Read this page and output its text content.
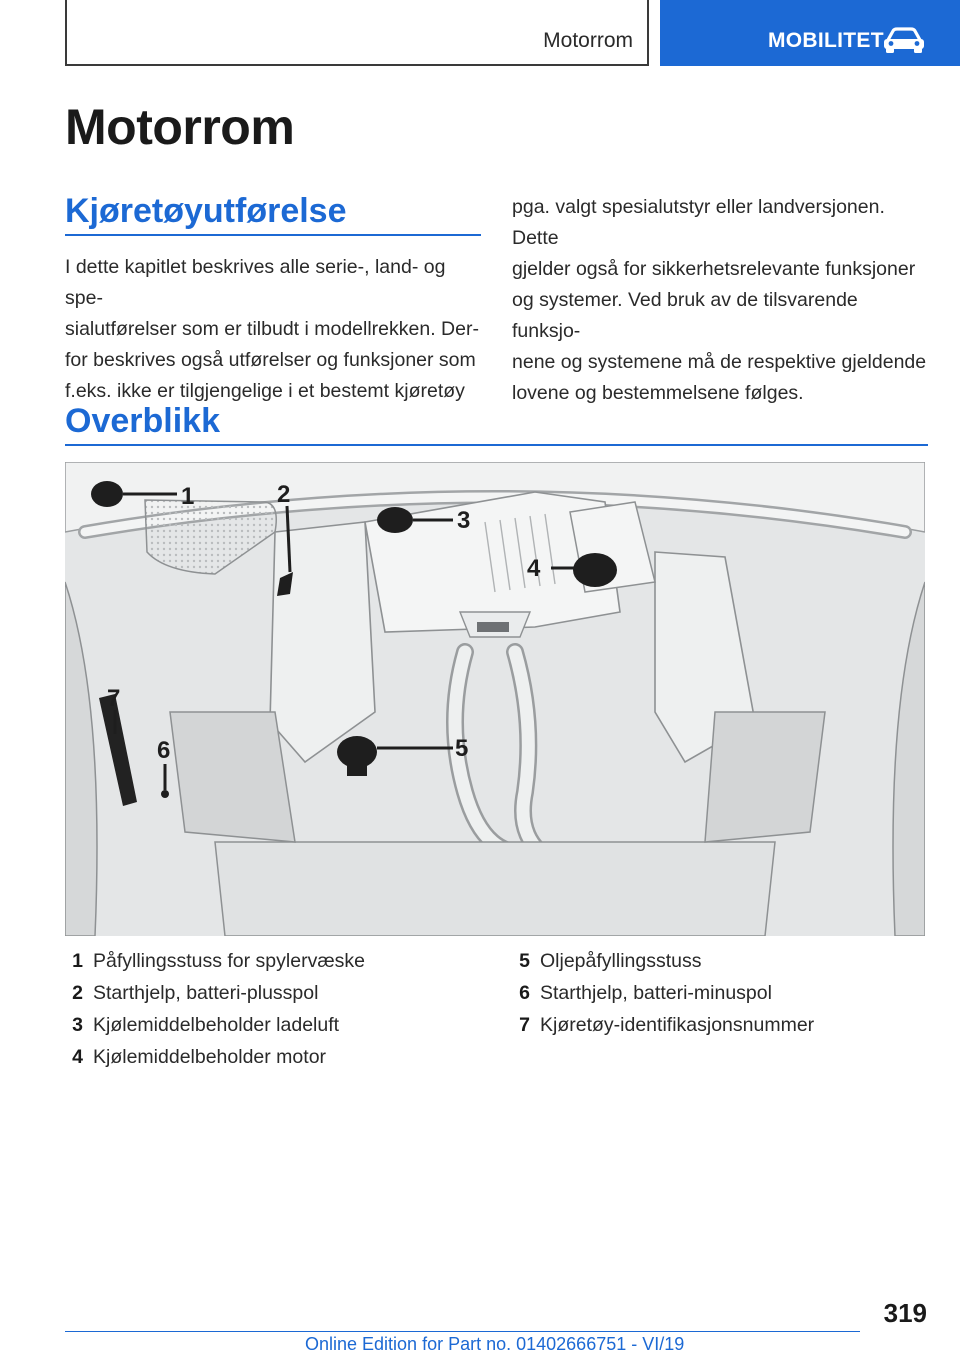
Motorrom	MOBILITET
Motorrom
Kjøretøyutførelse
I dette kapitlet beskrives alle serie-, land- og spe-
sialutførelser som er tilbudt i modellrekken. Der-
for beskrives også utførelser og funksjoner som
f.eks. ikke er tilgjengelige i et bestemt kjøretøy
pga. valgt spesialutstyr eller landversjonen. Dette
gjelder også for sikkerhetsrelevante funksjoner
og systemer. Ved bruk av de tilsvarende funksjo-
nene og systemene må de respektive gjeldende
lovene og bestemmelsene følges.
Overblikk
1	2
3
4
5
6
7
1 Påfyllingsstuss for spylervæske
2 Starthjelp, batteri-plusspol
3 Kjølemiddelbeholder ladeluft
4 Kjølemiddelbeholder motor
5 Oljepåfyllingsstuss
6 Starthjelp, batteri-minuspol
7 Kjøretøy-identifikasjonsnummer
319
Online Edition for Part no. 01402666751 - VI/19
